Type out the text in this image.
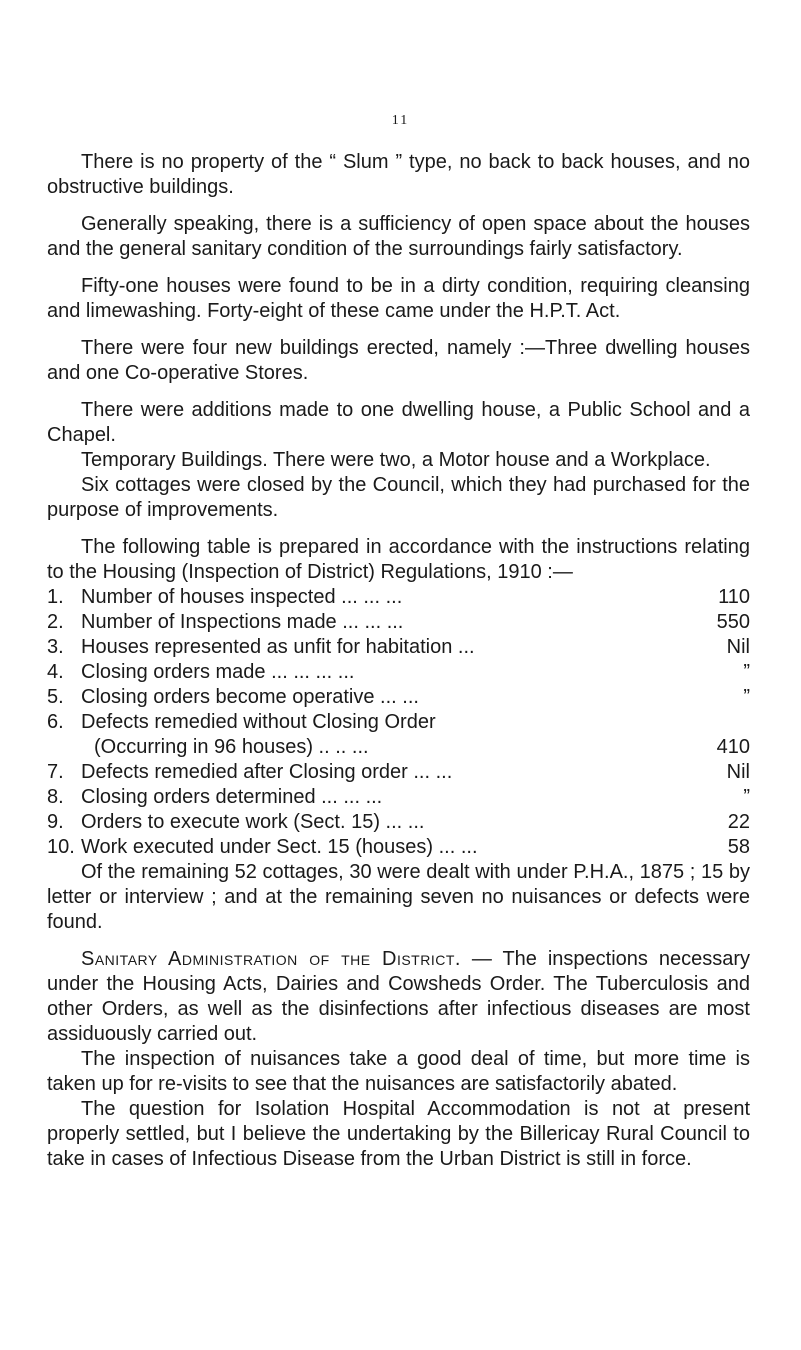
11

There is no property of the “ Slum ” type, no back to back houses, and no obstructive buildings.

Generally speaking, there is a sufficiency of open space about the houses and the general sanitary condition of the surroundings fairly satisfactory.

Fifty-one houses were found to be in a dirty condition, requiring cleansing and limewashing. Forty-eight of these came under the H.P.T. Act.

There were four new buildings erected, namely :—Three dwelling houses and one Co-operative Stores.

There were additions made to one dwelling house, a Public School and a Chapel.

Temporary Buildings. There were two, a Motor house and a Workplace.

Six cottages were closed by the Council, which they had purchased for the purpose of improvements.

The following table is prepared in accordance with the instructions relating to the Housing (Inspection of District) Regulations, 1910 :—

1. Number of houses inspected ... ... ...	110
2. Number of Inspections made ... ... ...	550
3. Houses represented as unfit for habitation ...	Nil
4. Closing orders made ... ... ... ...	”
5. Closing orders become operative ... ...	”
6. Defects remedied without Closing Order
(Occurring in 96 houses) .. .. ...	410
7. Defects remedied after Closing order ... ...	Nil
8. Closing orders determined ... ... ...	”
9. Orders to execute work (Sect. 15) ... ...	22
10. Work executed under Sect. 15 (houses) ... ...	58

Of the remaining 52 cottages, 30 were dealt with under P.H.A., 1875 ; 15 by letter or interview ; and at the remaining seven no nuisances or defects were found.

Sanitary Administration of the District. — The inspections necessary under the Housing Acts, Dairies and Cowsheds Order. The Tuberculosis and other Orders, as well as the disinfections after infectious diseases are most assiduously carried out.

The inspection of nuisances take a good deal of time, but more time is taken up for re-visits to see that the nuisances are satisfactorily abated.

The question for Isolation Hospital Accommodation is not at present properly settled, but I believe the undertaking by the Billericay Rural Council to take in cases of Infectious Disease from the Urban District is still in force.
